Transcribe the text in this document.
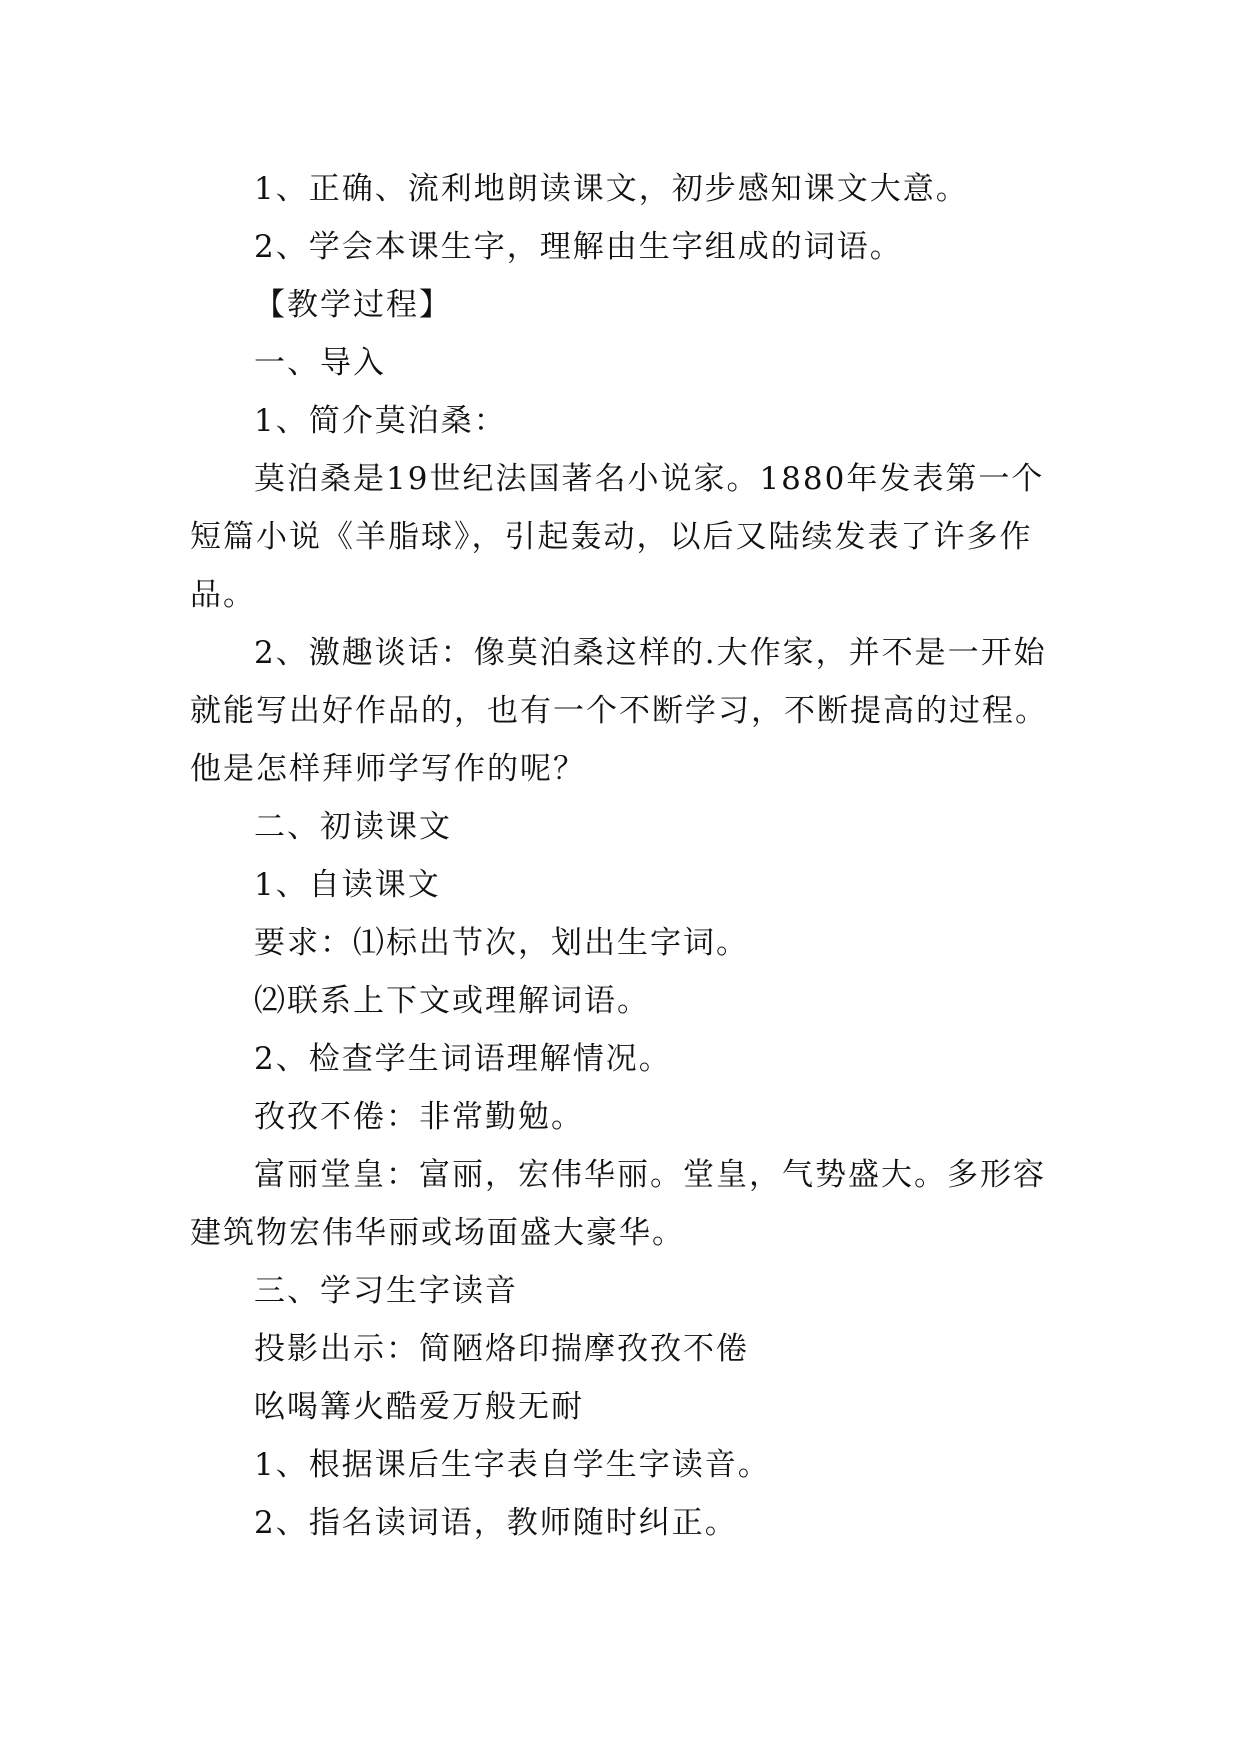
1、正确、流利地朗读课文，初步感知课文大意。

2、学会本课生字，理解由生字组成的词语。

【教学过程】

一、导入

1、简介莫泊桑：

莫泊桑是19世纪法国著名小说家。1880年发表第一个短篇小说《羊脂球》，引起轰动，以后又陆续发表了许多作品。

2、激趣谈话：像莫泊桑这样的.大作家，并不是一开始就能写出好作品的，也有一个不断学习，不断提高的过程。他是怎样拜师学写作的呢？

二、初读课文

1、自读课文

要求：⑴标出节次，划出生字词。

⑵联系上下文或理解词语。

2、检查学生词语理解情况。

孜孜不倦：非常勤勉。

富丽堂皇：富丽，宏伟华丽。堂皇，气势盛大。多形容建筑物宏伟华丽或场面盛大豪华。

三、学习生字读音

投影出示：简陋烙印揣摩孜孜不倦

吆喝篝火酷爱万般无耐

1、根据课后生字表自学生字读音。

2、指名读词语，教师随时纠正。
